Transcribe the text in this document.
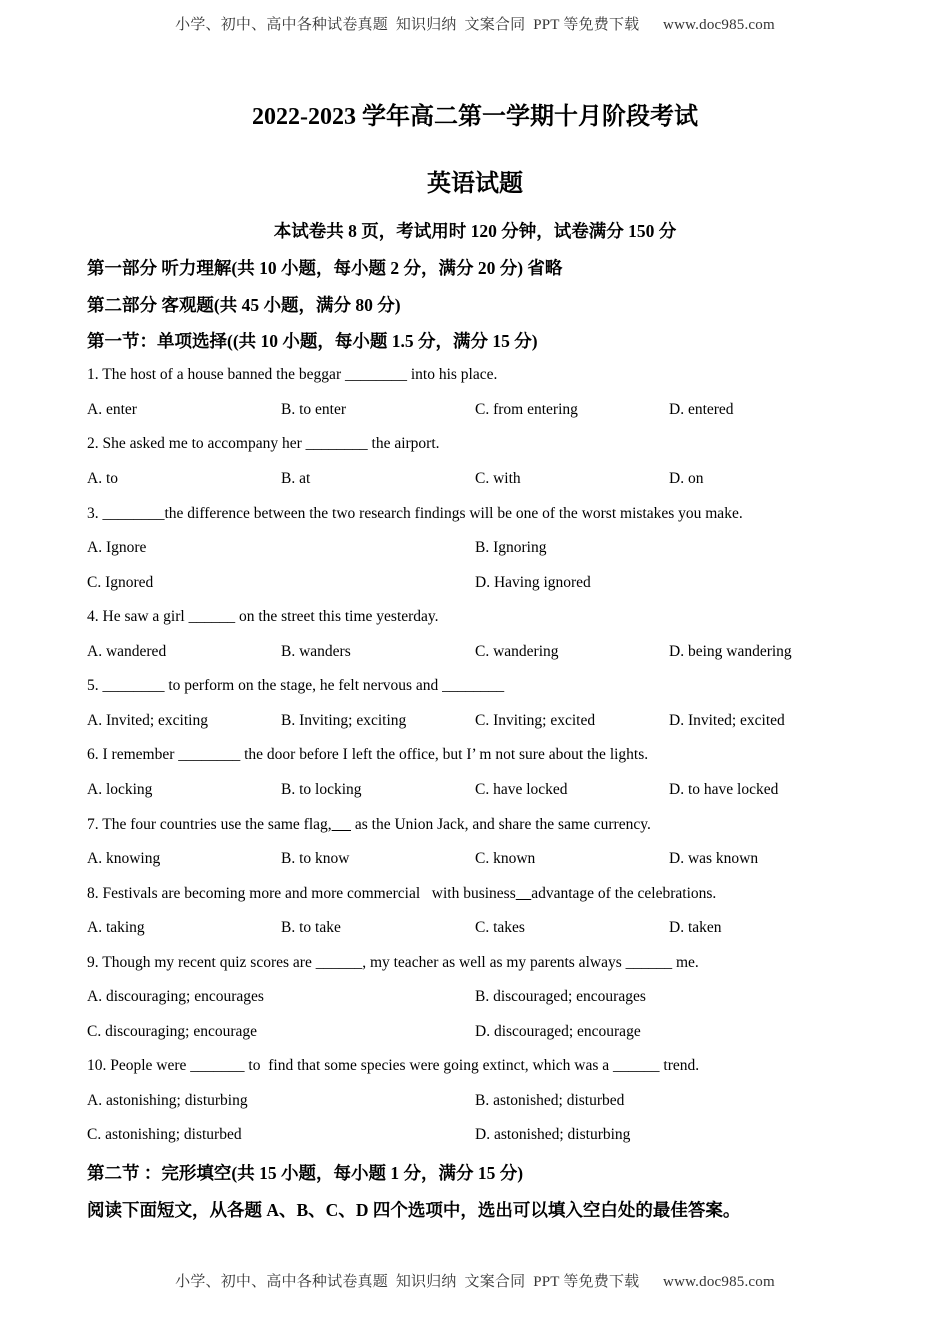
小学、初中、高中各种试卷真题  知识归纳  文案合同  PPT 等免费下载      www.doc985.com
2022-2023 学年高二第一学期十月阶段考试
英语试题
本试卷共 8 页，考试用时 120 分钟，试卷满分 150 分
第一部分 听力理解(共 10 小题，每小题 2 分，满分 20 分) 省略
第二部分 客观题(共 45 小题，满分 80 分)
第一节：单项选择((共 10 小题，每小题 1.5 分，满分 15 分)
1. The host of a house banned the beggar ________ into his place.
A. enter	B. to enter	C. from entering	D. entered
2. She asked me to accompany her ________ the airport.
A. to	B. at	C. with	D. on
3. ________the difference between the two research findings will be one of the worst mistakes you make.
A. Ignore	B. Ignoring
C. Ignored	D. Having ignored
4. He saw a girl ______ on the street this time yesterday.
A. wandered	B. wanders	C. wandering	D. being wandering
5. ________ to perform on the stage, he felt nervous and ________
A. Invited; exciting	B. Inviting; exciting	C. Inviting; excited	D. Invited; excited
6. I remember ________ the door before I left the office, but I’ m not sure about the lights.
A. locking	B. to locking	C. have locked	D. to have locked
7. The four countries use the same flag,      as the Union Jack, and share the same currency.
A. knowing	B. to know	C. known	D. was known
8. Festivals are becoming more and more commercial   with business advantage of the celebrations.
A. taking	B. to take	C. takes	D. taken
9. Though my recent quiz scores are ______, my teacher as well as my parents always ______ me.
A. discouraging; encourages	B. discouraged; encourages
C. discouraging; encourage	D. discouraged; encourage
10. People were _______ to  find that some species were going extinct, which was a ______ trend.
A. astonishing; disturbing	B. astonished; disturbed
C. astonishing; disturbed	D. astonished; disturbing
第二节 ：完形填空(共 15 小题，每小题 1 分，满分 15 分)
阅读下面短文，从各题 A、B、C、D 四个选项中，选出可以填入空白处的最佳答案。
小学、初中、高中各种试卷真题  知识归纳  文案合同  PPT 等免费下载      www.doc985.com
